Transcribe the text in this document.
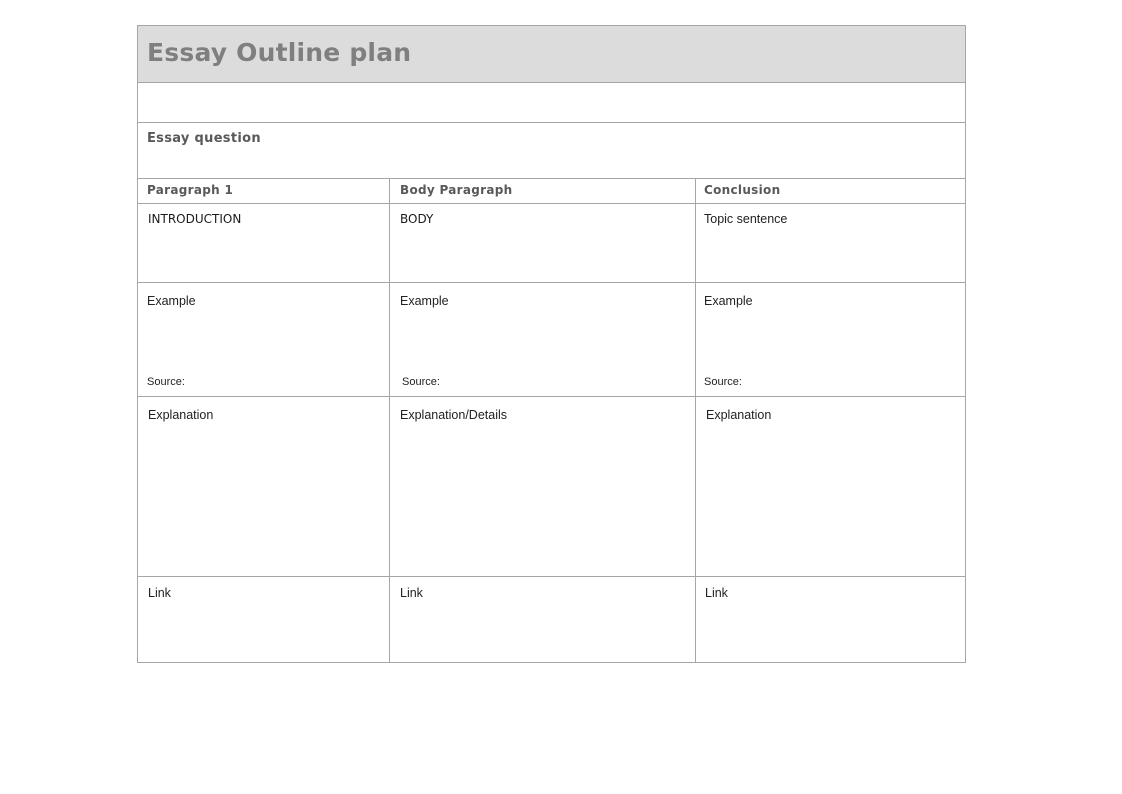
Essay Outline plan
Essay question
Paragraph 1	Body Paragraph	Conclusion
INTRODUCTION	BODY	Topic sentence
Example	Example	Example
Source:	Source:	Source:
Explanation	Explanation/Details	Explanation
Link	Link	Link
